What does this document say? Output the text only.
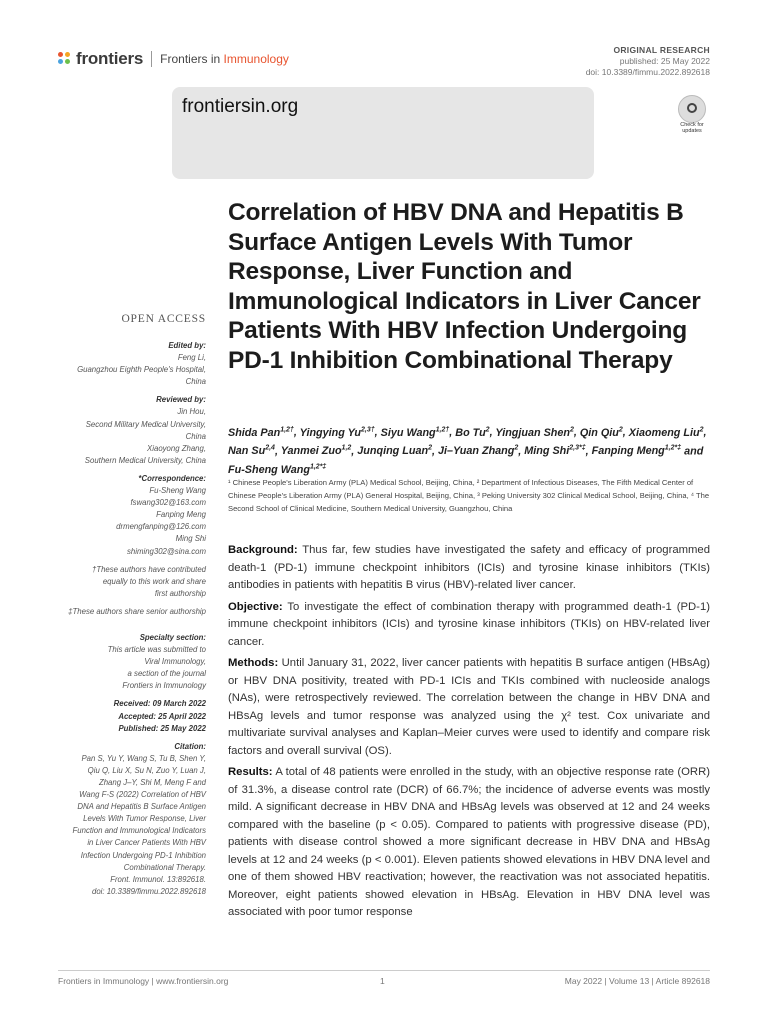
frontiers Frontiers in Immunology
ORIGINAL RESEARCH
published: 25 May 2022
doi: 10.3389/fimmu.2022.892618
frontiersin.org
Check for updates
OPEN ACCESS
Edited by:
Feng Li,
Guangzhou Eighth People's Hospital,
China
Reviewed by:
Jin Hou,
Second Military Medical University,
China
Xiaoyong Zhang,
Southern Medical University, China
*Correspondence:
Fu-Sheng Wang
fswang302@163.com
Fanping Meng
drmengfanping@126.com
Ming Shi
shiming302@sina.com
†These authors have contributed
equally to this work and share
first authorship
‡These authors share senior authorship
Specialty section:
This article was submitted to
Viral Immunology,
a section of the journal
Frontiers in Immunology
Received: 09 March 2022
Accepted: 25 April 2022
Published: 25 May 2022
Citation:
Pan S, Yu Y, Wang S, Tu B, Shen Y,
Qiu Q, Liu X, Su N, Zuo Y, Luan J,
Zhang J–Y, Shi M, Meng F and
Wang F-S (2022) Correlation of HBV
DNA and Hepatitis B Surface Antigen
Levels With Tumor Response, Liver
Function and Immunological Indicators
in Liver Cancer Patients With HBV
Infection Undergoing PD-1 Inhibition
Combinational Therapy.
Front. Immunol. 13:892618.
doi: 10.3389/fimmu.2022.892618
Correlation of HBV DNA and Hepatitis B Surface Antigen Levels With Tumor Response, Liver Function and Immunological Indicators in Liver Cancer Patients With HBV Infection Undergoing PD-1 Inhibition Combinational Therapy
Shida Pan$^{1,2\dagger}$, Yingying $Yu^{2,3\dagger}$, Siyu Wang$^{1,2\dagger}$, Bo Tu$^2$, Yingjuan Shen$^2$, Qin Qiu$^2$, Xiaomeng Liu$^2$, Nan Su$^{2,4}$, Yanmei Zuo$^{1,2}$, Junqing Luan$^2$, Ji–Yuan Zhang$^2$, Ming Shi$^{2,3*\ddagger}$, Fanping Meng$^{1,2*\ddagger}$ and Fu-Sheng Wang$^{1,2*\ddagger}$
¹ Chinese People's Liberation Army (PLA) Medical School, Beijing, China, ² Department of Infectious Diseases, The Fifth Medical Center of Chinese People's Liberation Army (PLA) General Hospital, Beijing, China, ³ Peking University 302 Clinical Medical School, Beijing, China, ⁴ The Second School of Clinical Medicine, Southern Medical University, Guangzhou, China

Background: Thus far, few studies have investigated the safety and efficacy of programmed death-1 (PD-1) immune checkpoint inhibitors (ICIs) and tyrosine kinase inhibitors (TKIs) antibodies in patients with hepatitis B virus (HBV)-related liver cancer.

Objective: To investigate the effect of combination therapy with programmed death-1 (PD-1) immune checkpoint inhibitors (ICIs) and tyrosine kinase inhibitors (TKIs) on HBV-related liver cancer.

Methods: Until January 31, 2022, liver cancer patients with hepatitis B surface antigen (HBsAg) or HBV DNA positivity, treated with PD-1 ICIs and TKIs combined with nucleoside analogs (NAs), were retrospectively reviewed. The correlation between the change in HBV DNA and HBsAg levels and tumor response was analyzed using the χ² test. Cox univariate and multivariate survival analyses and Kaplan–Meier curves were used to identify and compare risk factors and overall survival (OS).

Results: A total of 48 patients were enrolled in the study, with an objective response rate (ORR) of 31.3%, a disease control rate (DCR) of 66.7%; the incidence of adverse events was mostly mild. A significant decrease in HBV DNA and HBsAg levels was observed at 12 and 24 weeks compared with the baseline (p < 0.05). Compared to patients with progressive disease (PD), patients with disease control showed a more significant decrease in HBV DNA and HBsAg levels at 12 and 24 weeks (p < 0.001). Eleven patients showed elevations in HBV DNA level and one of them showed HBV reactivation; however, the reactivation was not associated hepatitis. Moreover, eight patients showed elevation in HBsAg. Elevation in HBV DNA level was associated with poor tumor response

Frontiers in Immunology | www.frontiersin.org	1	May 2022 | Volume 13 | Article 892618
